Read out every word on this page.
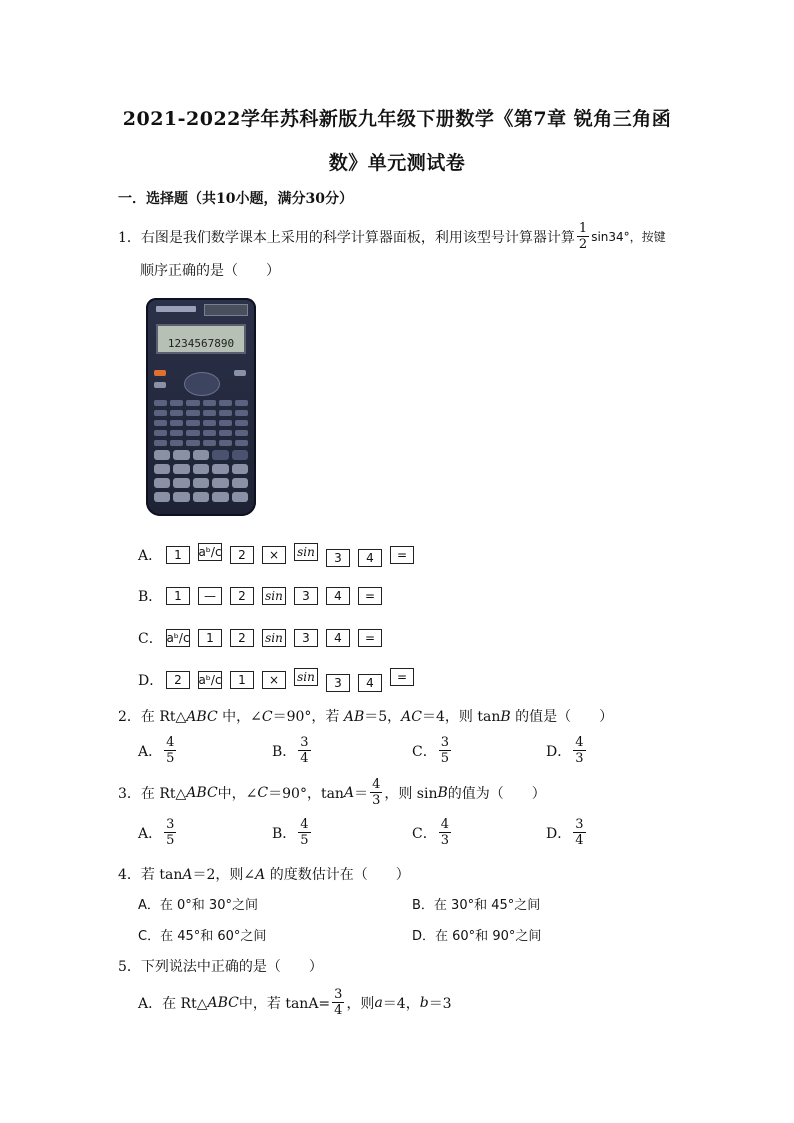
2021-2022学年苏科新版九年级下册数学《第7章 锐角三角函
数》单元测试卷
一．选择题（共10小题，满分30分）
1．右图是我们数学课本上采用的科学计算器面板，利用该型号计算器计算 $\frac{1}{2} \sin 34^\circ$，按键
顺序正确的是（　　）
1234567890
A．	1	aᵇ/c	2	×	sin	3	4	=
B． 1	—	2	sin	3	4	=
C． aᵇ/c	1	2	sin	3	4	=
D． 2	aᵇ/c	1	×	sin	3	4	=
2．在 Rt△ABC 中，∠C＝90°，若 AB＝5，AC＝4，则 tanB 的值是（　　）
A． $\frac{4}{5}$	B． $\frac{3}{4}$	C． $\frac{3}{5}$	D． $\frac{4}{3}$
3．在 Rt△ ABC 中，∠ C ＝90°，$\tan A = \frac{4}{3}$ ，则 sin B 的值为（　　）
A． $\frac{3}{5}$	B． $\frac{4}{5}$	C． $\frac{4}{3}$	D． $\frac{3}{4}$
4．若 tanA＝2，则∠A 的度数估计在（　　）
A．在 0°和 30°之间	B．在 30°和 45°之间
C．在 45°和 60°之间	D．在 60°和 90°之间
5．下列说法中正确的是（　　）
A．在 Rt△ ABC 中，若 $\tan A= \frac{3}{4}$ ，则 a ＝4， b ＝3
